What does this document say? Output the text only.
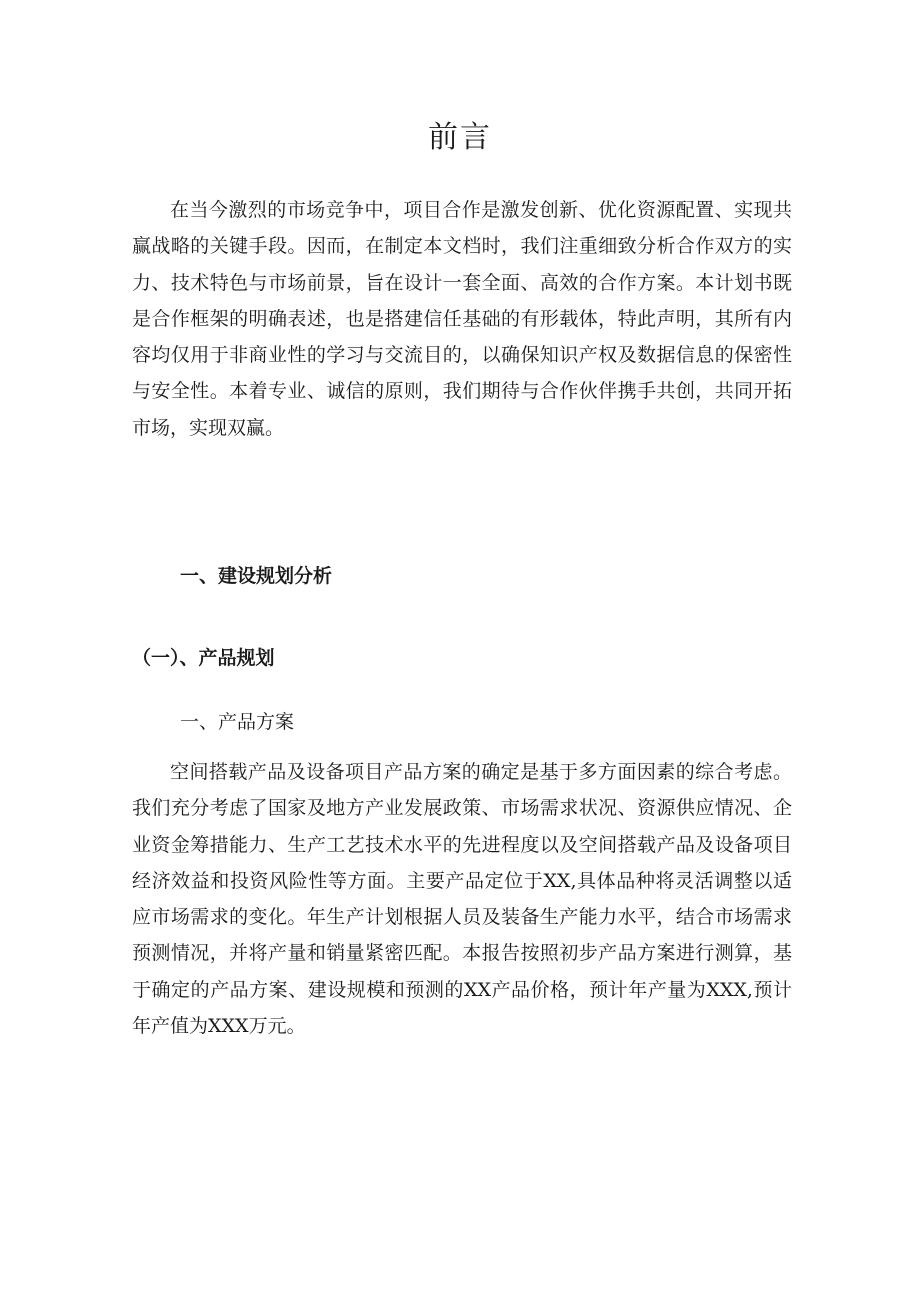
前言

在当今激烈的市场竞争中，项目合作是激发创新、优化资源配置、实现共赢战略的关键手段。因而，在制定本文档时，我们注重细致分析合作双方的实力、技术特色与市场前景，旨在设计一套全面、高效的合作方案。本计划书既是合作框架的明确表述，也是搭建信任基础的有形载体，特此声明，其所有内容均仅用于非商业性的学习与交流目的，以确保知识产权及数据信息的保密性与安全性。本着专业、诚信的原则，我们期待与合作伙伴携手共创，共同开拓市场，实现双赢。

一、建设规划分析
（一）、产品规划
一、产品方案

空间搭载产品及设备项目产品方案的确定是基于多方面因素的综合考虑。我们充分考虑了国家及地方产业发展政策、市场需求状况、资源供应情况、企业资金筹措能力、生产工艺技术水平的先进程度以及空间搭载产品及设备项目经济效益和投资风险性等方面。主要产品定位于XX,具体品种将灵活调整以适应市场需求的变化。年生产计划根据人员及装备生产能力水平，结合市场需求预测情况，并将产量和销量紧密匹配。本报告按照初步产品方案进行测算，基于确定的产品方案、建设规模和预测的XX产品价格，预计年产量为XXX,预计年产值为XXX万元。
